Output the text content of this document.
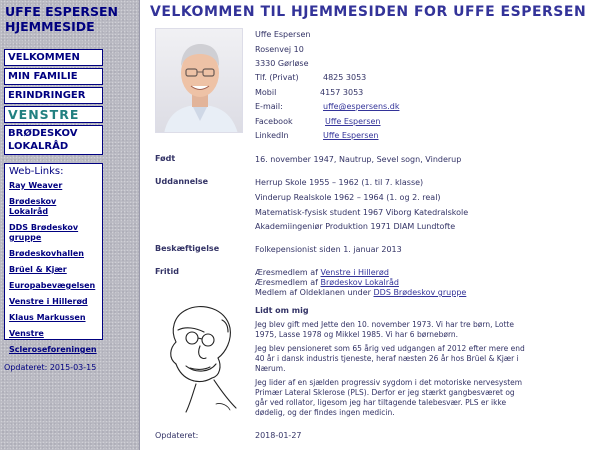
UFFE ESPERSEN HJEMMESIDE
VELKOMMEN
MIN FAMILIE
ERINDRINGER
VENSTRE
BRØDESKOV LOKALRÅD
Web-Links:
Ray Weaver
Brødeskov Lokalråd
DDS Brødeskov gruppe
Brødeskovhallen
Brüel & Kjær
Europabevægelsen
Venstre i Hillerød
Klaus Markussen
Venstre
Scleroseforeningen
Opdateret: 2015-03-15
VELKOMMEN TIL HJEMMESIDEN FOR UFFE ESPERSEN
Uffe Espersen
Rosenvej 10
3330 Gørløse
Tlf. (Privat)	4825 3053
Mobil	4157 3053
E-mail:	uffe@espersens.dk
Facebook	Uffe Espersen
LinkedIn	Uffe Espersen
Født	16. november 1947, Nautrup, Sevel sogn, Vinderup
Uddannelse	Herrup Skole 1955 – 1962 (1. til 7. klasse)
Vinderup Realskole 1962 – 1964 (1. og 2. real)
Matematisk-fysisk student 1967 Viborg Katedralskole
Akademiingeniør Produktion 1971 DIAM Lundtofte
Beskæftigelse	Folkepensionist siden 1. januar 2013
Fritid	Æresmedlem af Venstre i Hillerød
Æresmedlem af Brødeskov Lokalråd
Medlem af Oldeklanen under DDS Brødeskov gruppe
Lidt om mig
Jeg blev gift med Jette den 10. november 1973. Vi har tre børn, Lotte 1975, Lasse 1978 og Mikkel 1985. Vi har 6 børnebørn.
Jeg blev pensioneret som 65 årig ved udgangen af 2012 efter mere end 40 år i dansk industris tjeneste, heraf næsten 26 år hos Brüel & Kjær i Nærum.
Jeg lider af en sjælden progressiv sygdom i det motoriske nervesystem Primær Lateral Sklerose (PLS). Derfor er jeg stærkt gangbesværet og går ved rollator, ligesom jeg har tiltagende talebesvær. PLS er ikke dødelig, og der findes ingen medicin.
Opdateret:	2018-01-27
